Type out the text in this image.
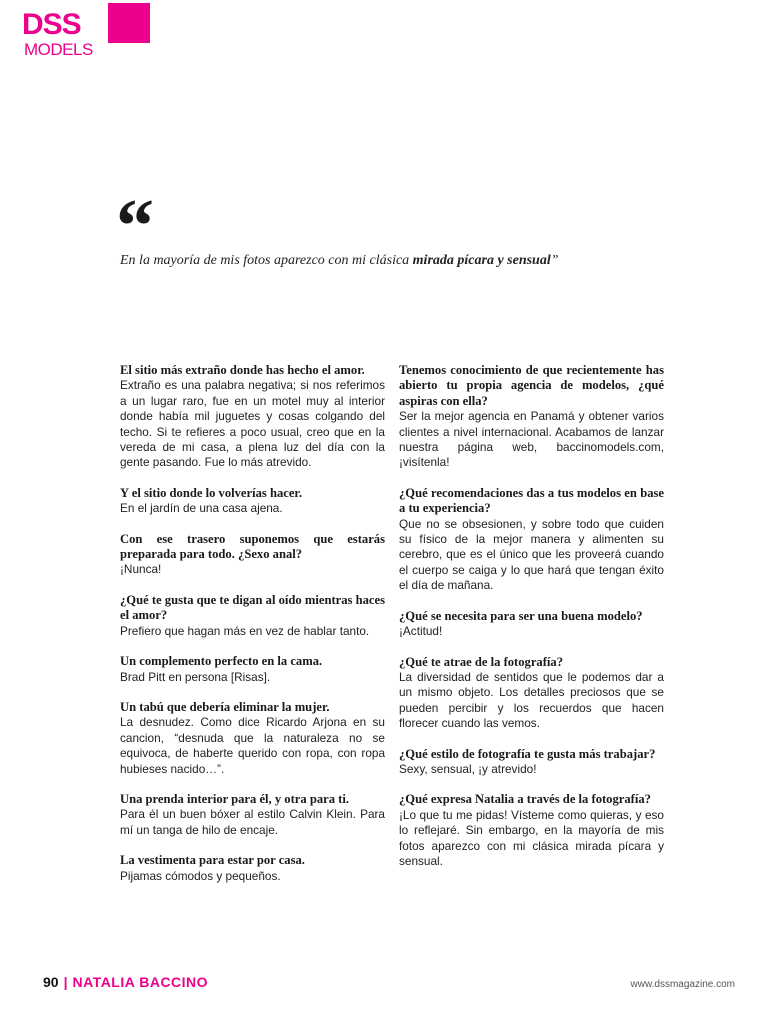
DSS
MODELS
“
En la mayoría de mis fotos aparezco con mi clásica mirada pícara y sensual”
El sitio más extraño donde has hecho el amor.
Extraño es una palabra negativa; si nos referimos a un lugar raro, fue en un motel muy al interior donde había mil juguetes y cosas colgando del techo. Si te refieres a poco usual, creo que en la vereda de mi casa, a plena luz del día con la gente pasando. Fue lo más atrevido.
Y el sitio donde lo volverías hacer.
En el jardín de una casa ajena.
Con ese trasero suponemos que estarás preparada para todo. ¿Sexo anal?
¡Nunca!
¿Qué te gusta que te digan al oído mientras haces el amor?
Prefiero que hagan más en vez de hablar tanto.
Un complemento perfecto en la cama.
Brad Pitt en persona [Risas].
Un tabú que debería eliminar la mujer.
La desnudez. Como dice Ricardo Arjona en su cancion, “desnuda que la naturaleza no se equivoca, de haberte querido con ropa, con ropa hubieses nacido…”.
Una prenda interior para él, y otra para ti.
Para él un buen bóxer al estilo Calvin Klein. Para mí un tanga de hilo de encaje.
La vestimenta para estar por casa.
Pijamas cómodos y pequeños.
Tenemos conocimiento de que recientemente has abierto tu propia agencia de modelos, ¿qué aspiras con ella?
Ser la mejor agencia en Panamá y obtener varios clientes a nivel internacional. Acabamos de lanzar nuestra página web, baccinomodels.com, ¡visítenla!
¿Qué recomendaciones das a tus modelos en base a tu experiencia?
Que no se obsesionen, y sobre todo que cuiden su físico de la mejor manera y alimenten su cerebro, que es el único que les proveerá cuando el cuerpo se caiga y lo que hará que tengan éxito el día de mañana.
¿Qué se necesita para ser una buena modelo?
¡Actitud!
¿Qué te atrae de la fotografía?
La diversidad de sentidos que le podemos dar a un mismo objeto. Los detalles preciosos que se pueden percibir y los recuerdos que hacen florecer cuando las vemos.
¿Qué estilo de fotografía te gusta más trabajar?
Sexy, sensual, ¡y atrevido!
¿Qué expresa Natalia a través de la fotografía?
¡Lo que tu me pidas! Vísteme como quieras, y eso lo reflejaré. Sin embargo, en la mayoría de mis fotos aparezco con mi clásica mirada pícara y sensual.
90 | NATALIA BACCINO	www.dssmagazine.com
